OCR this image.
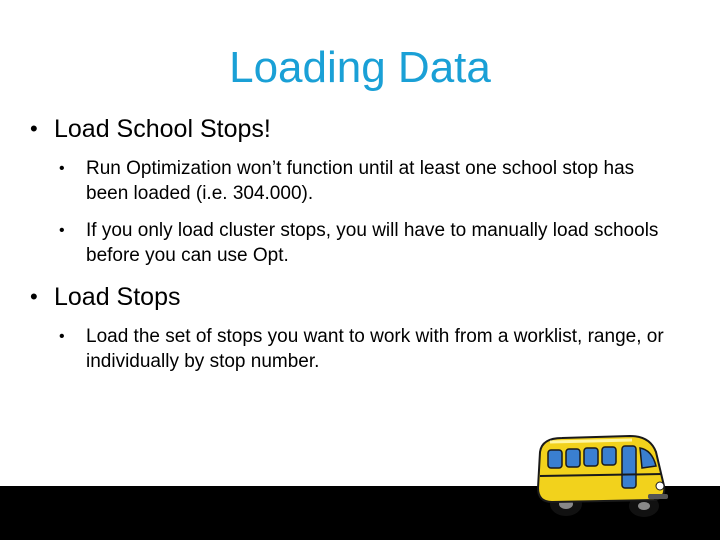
Loading Data
• Load School Stops!
• Run Optimization won’t function until at least one school stop has been loaded (i.e. 304.000).
• If you only load cluster stops, you will have to manually load schools before you can use Opt.
• Load Stops
• Load the set of stops you want to work with from a worklist, range, or individually by stop number.
